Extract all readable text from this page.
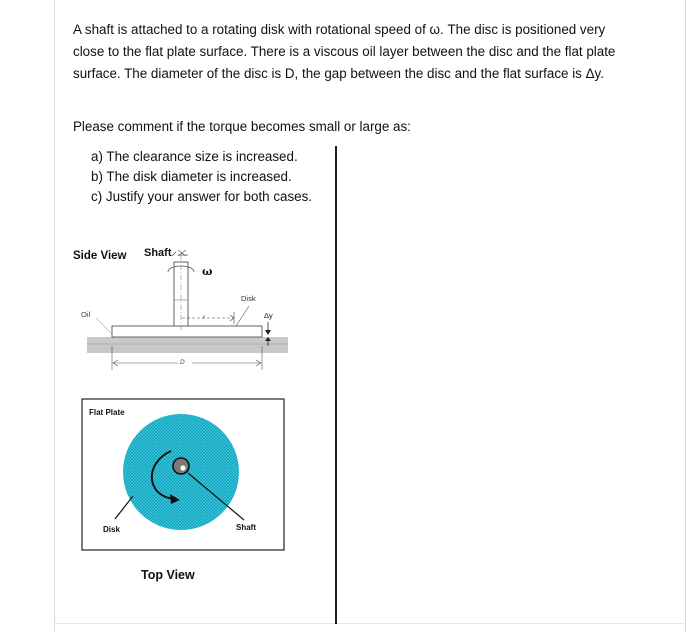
A shaft is attached to a rotating disk with rotational speed of ω. The disc is positioned very close to the flat plate surface. There is a viscous oil layer between the disc and the flat plate surface. The diameter of the disc is D, the gap between the disc and the flat surface is Δy.

Please comment if the torque becomes small or large as:

a) The clearance size is increased.
b) The disk diameter is increased.
c) Justify your answer for both cases.
Side View Shaft
ω
Disk
Oil	Δy
r
D
Flat Plate
Disk	Shaft
Top View
